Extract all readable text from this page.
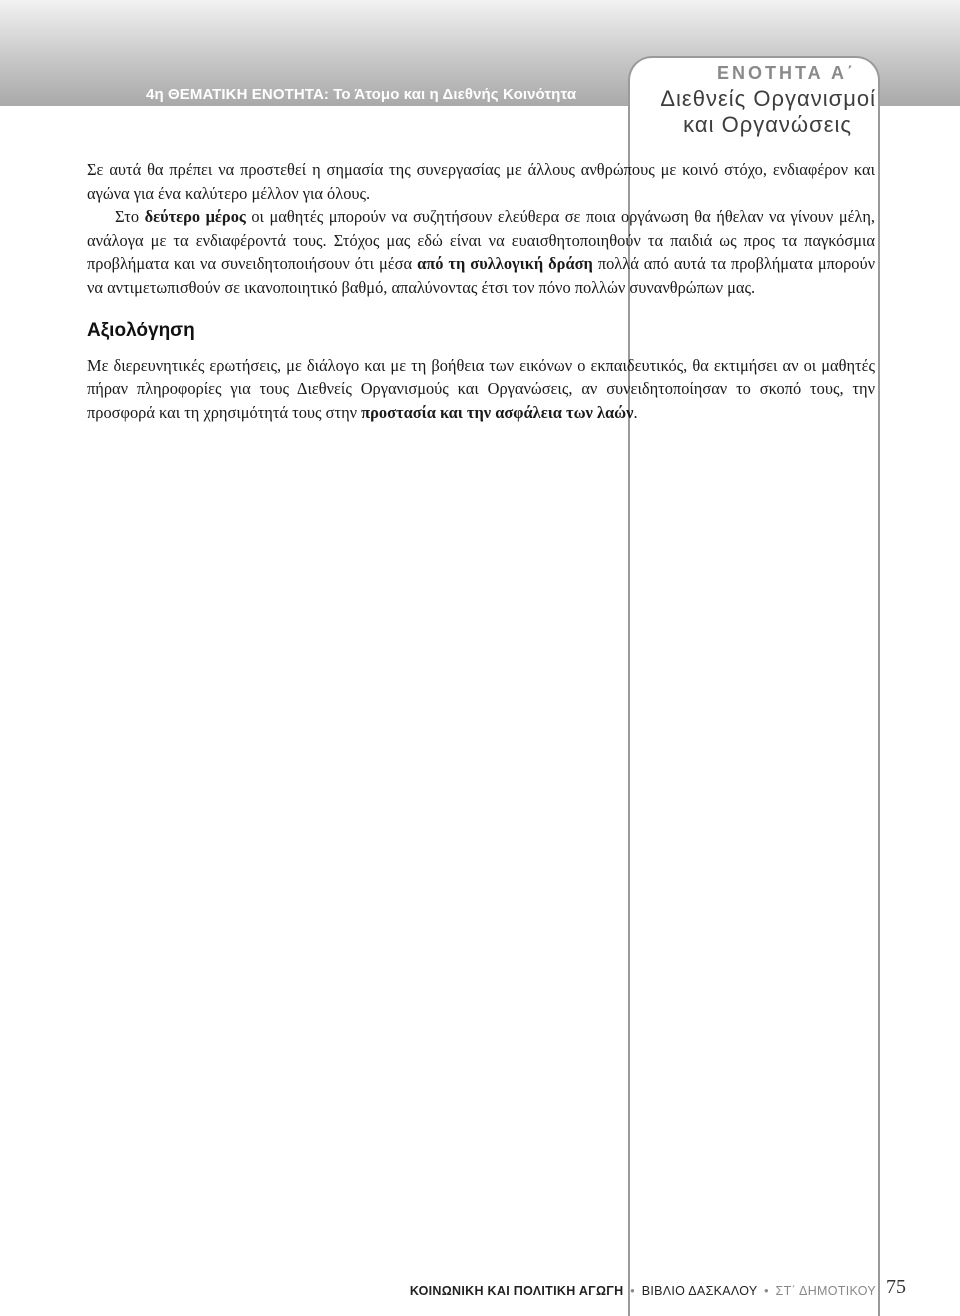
4η ΘΕΜΑΤΙΚΗ ΕΝΟΤΗΤΑ: Το Άτομο και η Διεθνής Κοινότητα
ΕΝΟΤΗΤΑ Α΄
Διεθνείς Οργανισμοί
και Οργανώσεις

Σε αυτά θα πρέπει να προστεθεί η σημασία της συνεργασίας με άλλους ανθρώπους με κοινό στόχο, ενδιαφέρον και αγώνα για ένα καλύτερο μέλλον για όλους.

Στο δεύτερο μέρος οι μαθητές μπορούν να συζητήσουν ελεύθερα σε ποια οργάνωση θα ήθελαν να γίνουν μέλη, ανάλογα με τα ενδιαφέροντά τους. Στόχος μας εδώ είναι να ευαισθητοποιηθούν τα παιδιά ως προς τα παγκόσμια προβλήματα και να συνειδητοποιήσουν ότι μέσα από τη συλλογική δράση πολλά από αυτά τα προβλήματα μπορούν να αντιμετωπισθούν σε ικανοποιητικό βαθμό, απαλύνοντας έτσι τον πόνο πολλών συνανθρώπων μας.

Αξιολόγηση

Με διερευνητικές ερωτήσεις, με διάλογο και με τη βοήθεια των εικόνων ο εκπαιδευτικός, θα εκτιμήσει αν οι μαθητές πήραν πληροφορίες για τους Διεθνείς Οργανισμούς και Οργανώσεις, αν συνειδητοποίησαν το σκοπό τους, την προσφορά και τη χρησιμότητά τους στην προστασία και την ασφάλεια των λαών.

ΚΟΙΝΩΝΙΚΗ ΚΑΙ ΠΟΛΙΤΙΚΗ ΑΓΩΓΗ • ΒΙΒΛΙΟ ΔΑΣΚΑΛΟΥ • ΣΤ΄ ΔΗΜΟΤΙΚΟΥ 75
